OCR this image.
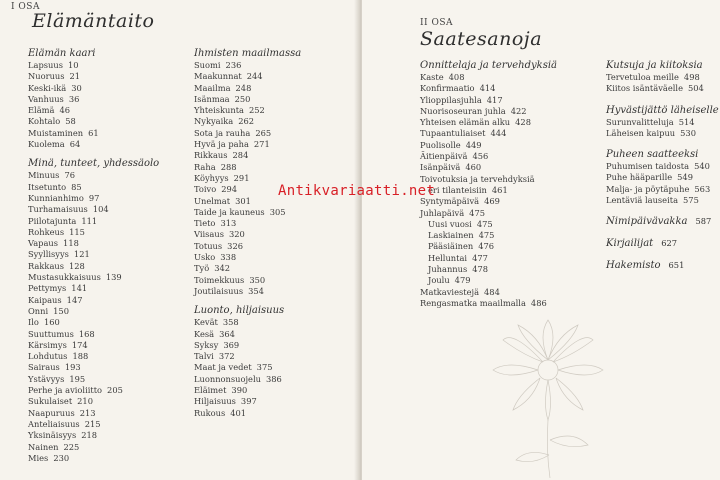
I OSA
Elämäntaito
Elämän kaari
Lapsuus 10
Nuoruus 21
Keski-ikä 30
Vanhuus 36
Elämä 46
Kohtalo 58
Muistaminen 61
Kuolema 64
Minä, tunteet, yhdessäolo
Minuus 76
Itsetunto 85
Kunnianhimo 97
Turhamaisuus 104
Piilotajunta 111
Rohkeus 115
Vapaus 118
Syyllisyys 121
Rakkaus 128
Mustasukkaisuus 139
Pettymys 141
Kaipaus 147
Onni 150
Ilo 160
Suuttumus 168
Kärsimys 174
Lohdutus 188
Sairaus 193
Ystävyys 195
Perhe ja avioliitto 205
Sukulaiset 210
Naapuruus 213
Anteliaisuus 215
Yksinäisyys 218
Nainen 225
Mies 230
Ihmisten maailmassa
Suomi 236
Maakunnat 244
Maailma 248
Isänmaa 250
Yhteiskunta 252
Nykyaika 262
Sota ja rauha 265
Hyvä ja paha 271
Rikkaus 284
Raha 288
Köyhyys 291
Toivo 294
Unelmat 301
Taide ja kauneus 305
Tieto 313
Viisaus 320
Totuus 326
Usko 338
Työ 342
Toimekkuus 350
Joutilaisuus 354
Luonto, hiljaisuus
Kevät 358
Kesä 364
Syksy 369
Talvi 372
Maat ja vedet 375
Luonnonsuojelu 386
Eläimet 390
Hiljaisuus 397
Rukous 401
II OSA
Saatesanoja
Onnittelaja ja tervehdyksiä
Kaste 408
Konfirmaatio 414
Ylioppilasjuhla 417
Nuorisoseuran juhla 422
Yhteisen elämän alku 428
Tupaantuliaiset 444
Puolisolle 449
Äitienpäivä 456
Isänpäivä 460
Toivotuksia ja tervehdyksiä
eri tilanteisiin 461
Syntymäpäivä 469
Juhlapäivä 475
Uusi vuosi 475
Laskiainen 475
Pääsiäinen 476
Helluntai 477
Juhannus 478
Joulu 479
Matkaviestejä 484
Rengasmatka maailmalla 486
Kutsuja ja kiitoksia
Tervetuloa meille 498
Kiitos isäntäväelle 504
Hyvästijättö läheiselle
Surunvalitteluja 514
Läheisen kaipuu 530
Puheen saatteeksi
Puhumisen taidosta 540
Puhe hääparille 549
Malja- ja pöytäpuhe 563
Lentäviä lauseita 575
Nimipäivävakka 587
Kirjailijat 627
Hakemisto 651
Antikvariaatti.net
